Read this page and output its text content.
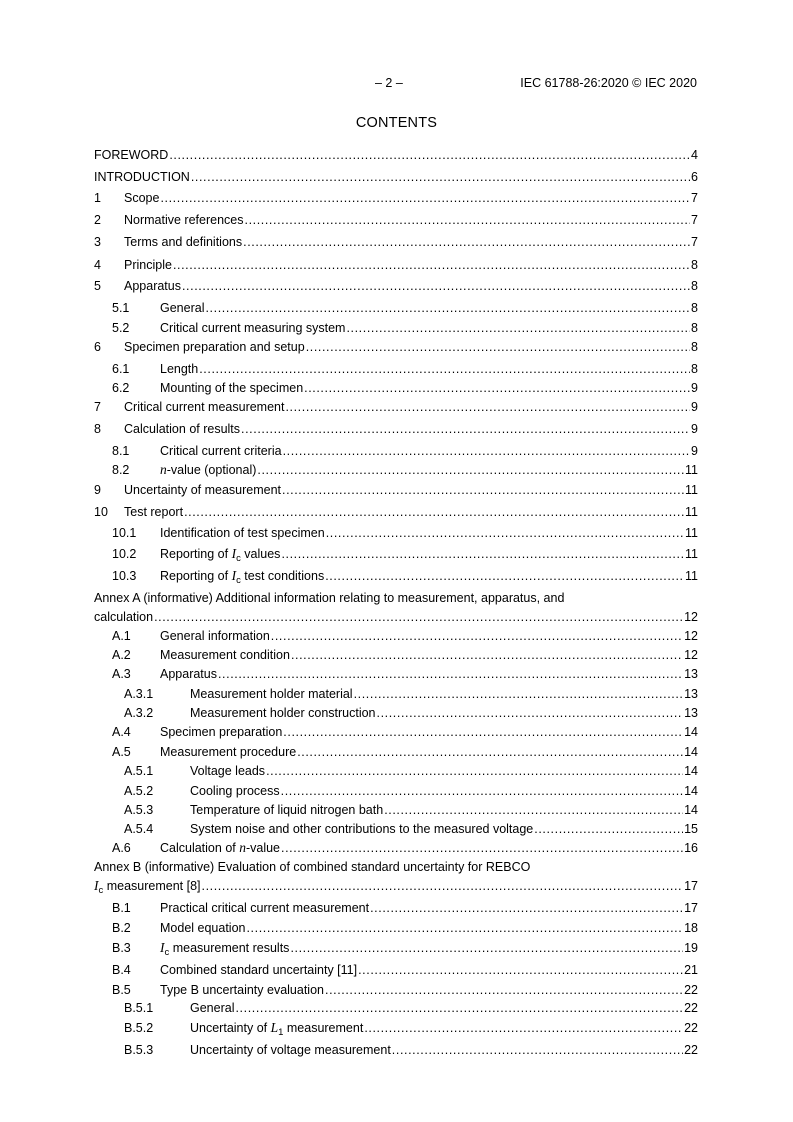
– 2 –	IEC 61788-26:2020 © IEC 2020
CONTENTS
FOREWORD .....	4
INTRODUCTION .....	6
1	Scope .....	7
2	Normative references .....	7
3	Terms and definitions .....	7
4	Principle .....	8
5	Apparatus .....	8
5.1	General .....	8
5.2	Critical current measuring system .....	8
6	Specimen preparation and setup .....	8
6.1	Length .....	8
6.2	Mounting of the specimen .....	9
7	Critical current measurement .....	9
8	Calculation of results .....	9
8.1	Critical current criteria .....	9
8.2	n-value (optional) .....	11
9	Uncertainty of measurement .....	11
10	Test report .....	11
10.1	Identification of test specimen .....	11
10.2	Reporting of $I_c$ values .....	11
10.3	Reporting of $I_c$ test conditions .....	11
Annex A (informative) Additional information relating to measurement, apparatus, and
calculation .....	12
A.1	General information .....	12
A.2	Measurement condition .....	12
A.3	Apparatus .....	13
A.3.1	Measurement holder material .....	13
A.3.2	Measurement holder construction .....	13
A.4	Specimen preparation .....	14
A.5	Measurement procedure .....	14
A.5.1	Voltage leads .....	14
A.5.2	Cooling process .....	14
A.5.3	Temperature of liquid nitrogen bath .....	14
A.5.4	System noise and other contributions to the measured voltage .....	15
A.6	Calculation of n-value .....	16
Annex B (informative) Evaluation of combined standard uncertainty for REBCO
$I_c$ measurement [8] .....	17
B.1	Practical critical current measurement .....	17
B.2	Model equation .....	18
B.3	$I_c$ measurement results .....	19
B.4	Combined standard uncertainty [11] .....	21
B.5	Type B uncertainty evaluation .....	22
B.5.1	General .....	22
B.5.2	Uncertainty of $L_1$ measurement .....	22
B.5.3	Uncertainty of voltage measurement .....	22
